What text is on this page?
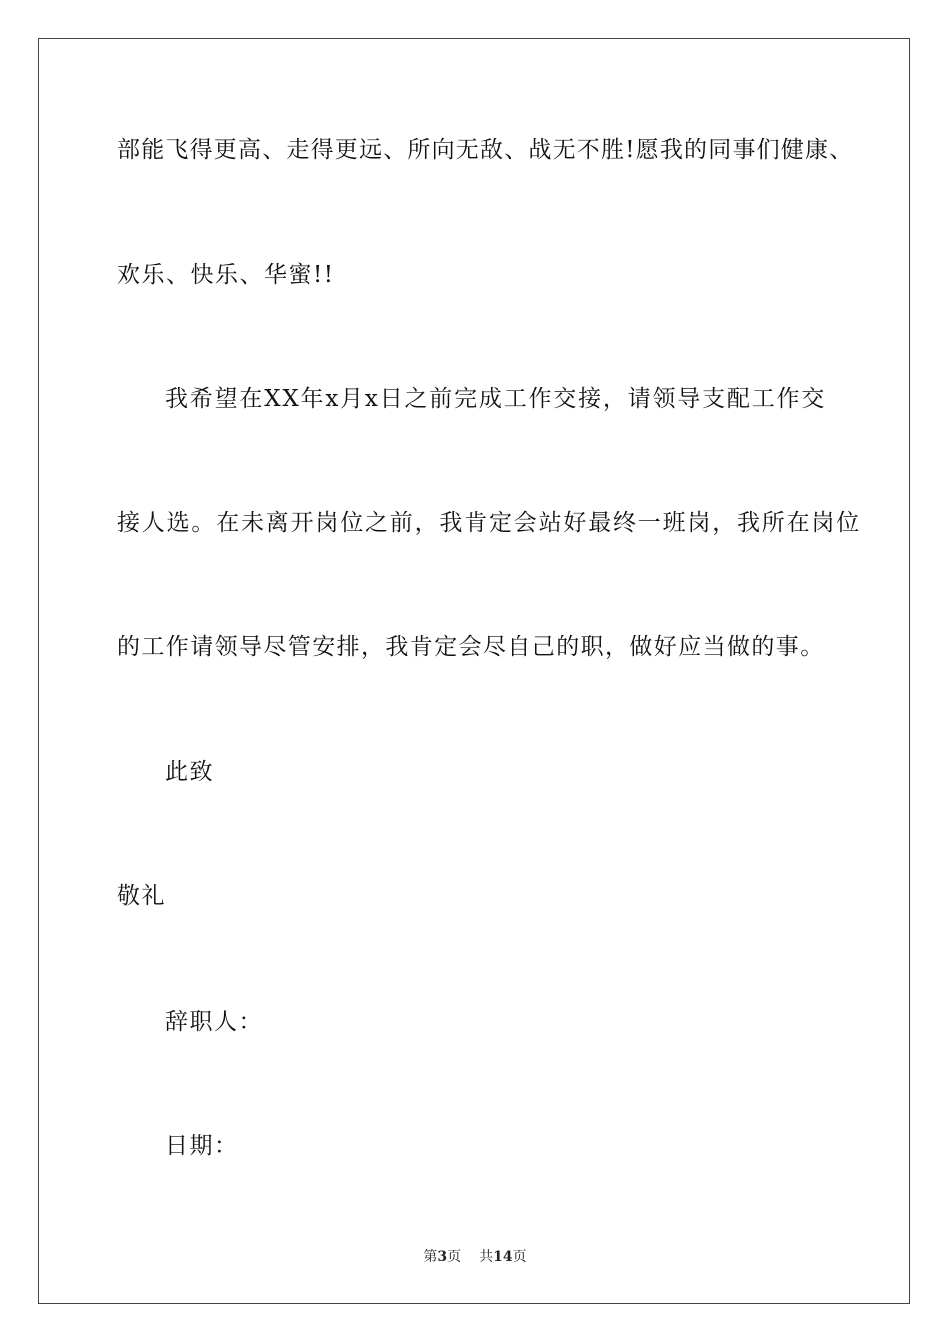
部能飞得更高、走得更远、所向无敌、战无不胜!愿我的同事们健康、
欢乐、快乐、华蜜!!
我希望在XX年x月x日之前完成工作交接，请领导支配工作交
接人选。在未离开岗位之前，我肯定会站好最终一班岗，我所在岗位
的工作请领导尽管安排，我肯定会尽自己的职，做好应当做的事。
此致
敬礼
辞职人：
日期：
第3页 共14页
